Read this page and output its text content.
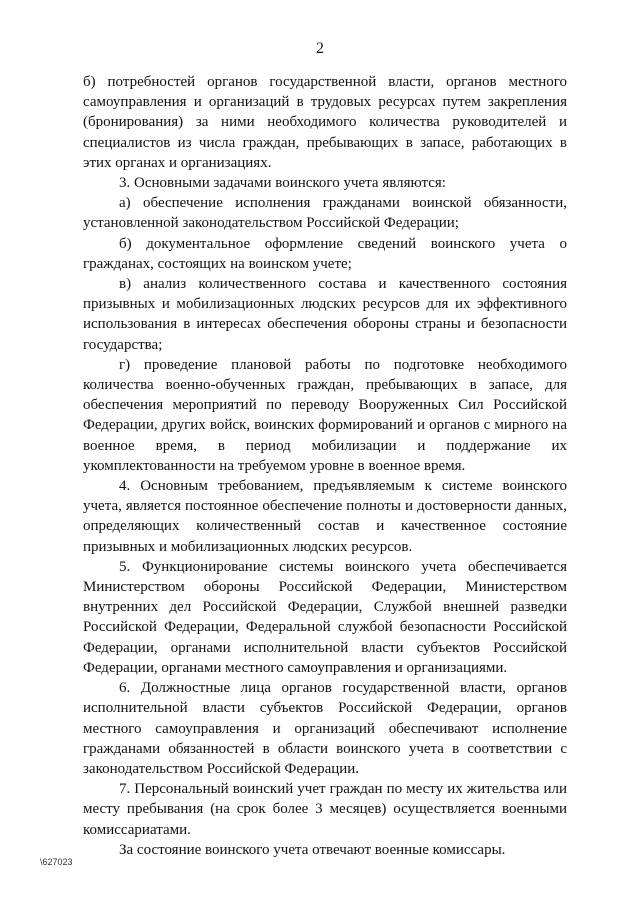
2

б) потребностей органов государственной власти, органов местного самоуправления и организаций в трудовых ресурсах путем закрепления (бронирования) за ними необходимого количества руководителей и специалистов из числа граждан, пребывающих в запасе, работающих в этих органах и организациях.

3. Основными задачами воинского учета являются:

а) обеспечение исполнения гражданами воинской обязанности, установленной законодательством Российской Федерации;

б) документальное оформление сведений воинского учета о гражданах, состоящих на воинском учете;

в) анализ количественного состава и качественного состояния призывных и мобилизационных людских ресурсов для их эффективного использования в интересах обеспечения обороны страны и безопасности государства;

г) проведение плановой работы по подготовке необходимого количества военно-обученных граждан, пребывающих в запасе, для обеспечения мероприятий по переводу Вооруженных Сил Российской Федерации, других войск, воинских формирований и органов с мирного на военное время, в период мобилизации и поддержание их укомплектованности на требуемом уровне в военное время.

4. Основным требованием, предъявляемым к системе воинского учета, является постоянное обеспечение полноты и достоверности данных, определяющих количественный состав и качественное состояние призывных и мобилизационных людских ресурсов.

5. Функционирование системы воинского учета обеспечивается Министерством обороны Российской Федерации, Министерством внутренних дел Российской Федерации, Службой внешней разведки Российской Федерации, Федеральной службой безопасности Российской Федерации, органами исполнительной власти субъектов Российской Федерации, органами местного самоуправления и организациями.

6. Должностные лица органов государственной власти, органов исполнительной власти субъектов Российской Федерации, органов местного самоуправления и организаций обеспечивают исполнение гражданами обязанностей в области воинского учета в соответствии с законодательством Российской Федерации.

7. Персональный воинский учет граждан по месту их жительства или месту пребывания (на срок более 3 месяцев) осуществляется военными комиссариатами.

За состояние воинского учета отвечают военные комиссары.

\627023
